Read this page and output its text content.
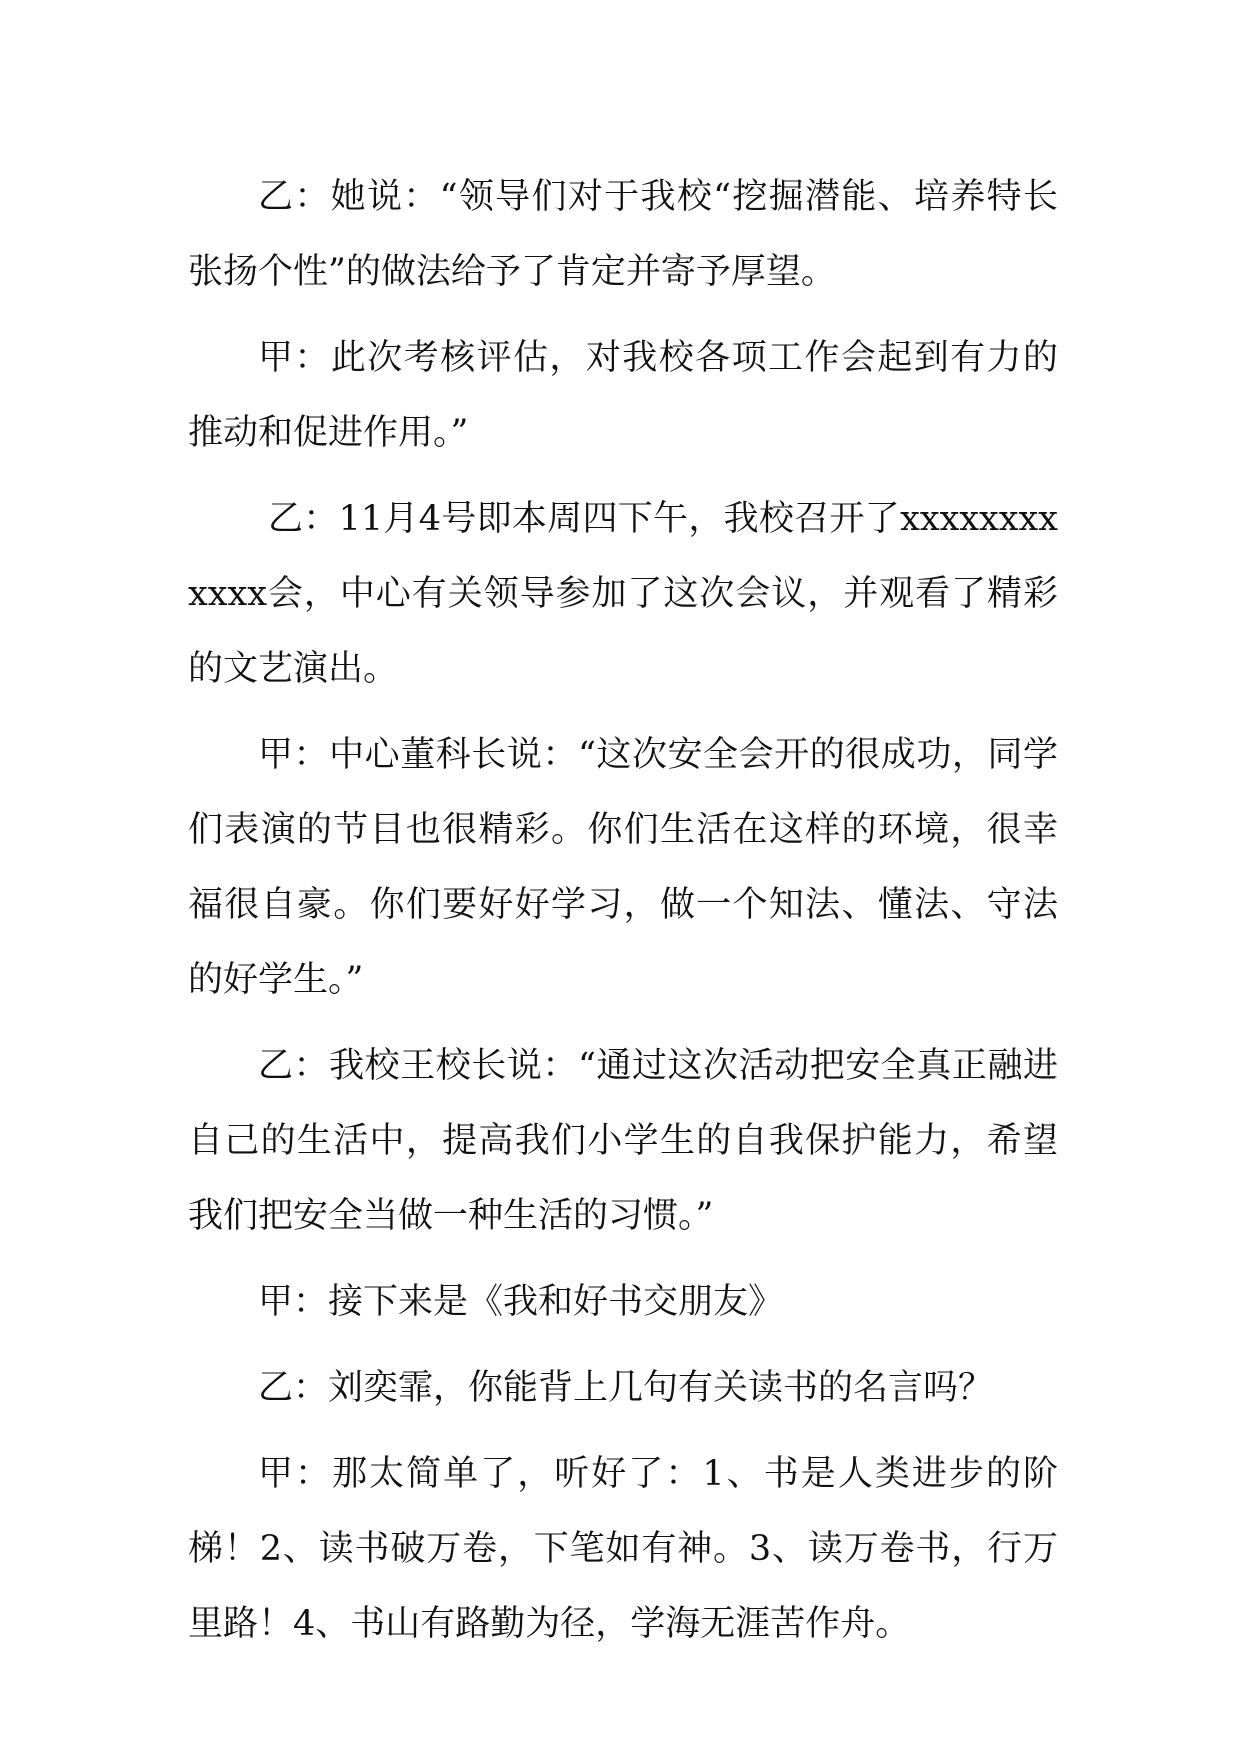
乙：她说：“领导们对于我校“挖掘潜能、培养特长张扬个性”的做法给予了肯定并寄予厚望。

甲：此次考核评估，对我校各项工作会起到有力的推动和促进作用。”

乙：11月4号即本周四下午，我校召开了xxxxxxxxxxxx会，中心有关领导参加了这次会议，并观看了精彩的文艺演出。

甲：中心董科长说：“这次安全会开的很成功，同学们表演的节目也很精彩。你们生活在这样的环境，很幸福很自豪。你们要好好学习，做一个知法、懂法、守法的好学生。”

乙：我校王校长说：“通过这次活动把安全真正融进自己的生活中，提高我们小学生的自我保护能力，希望我们把安全当做一种生活的习惯。”

甲：接下来是《我和好书交朋友》

乙：刘奕霏，你能背上几句有关读书的名言吗？

甲：那太简单了，听好了：1、书是人类进步的阶梯！2、读书破万卷，下笔如有神。3、读万卷书，行万里路！4、书山有路勤为径，学海无涯苦作舟。
